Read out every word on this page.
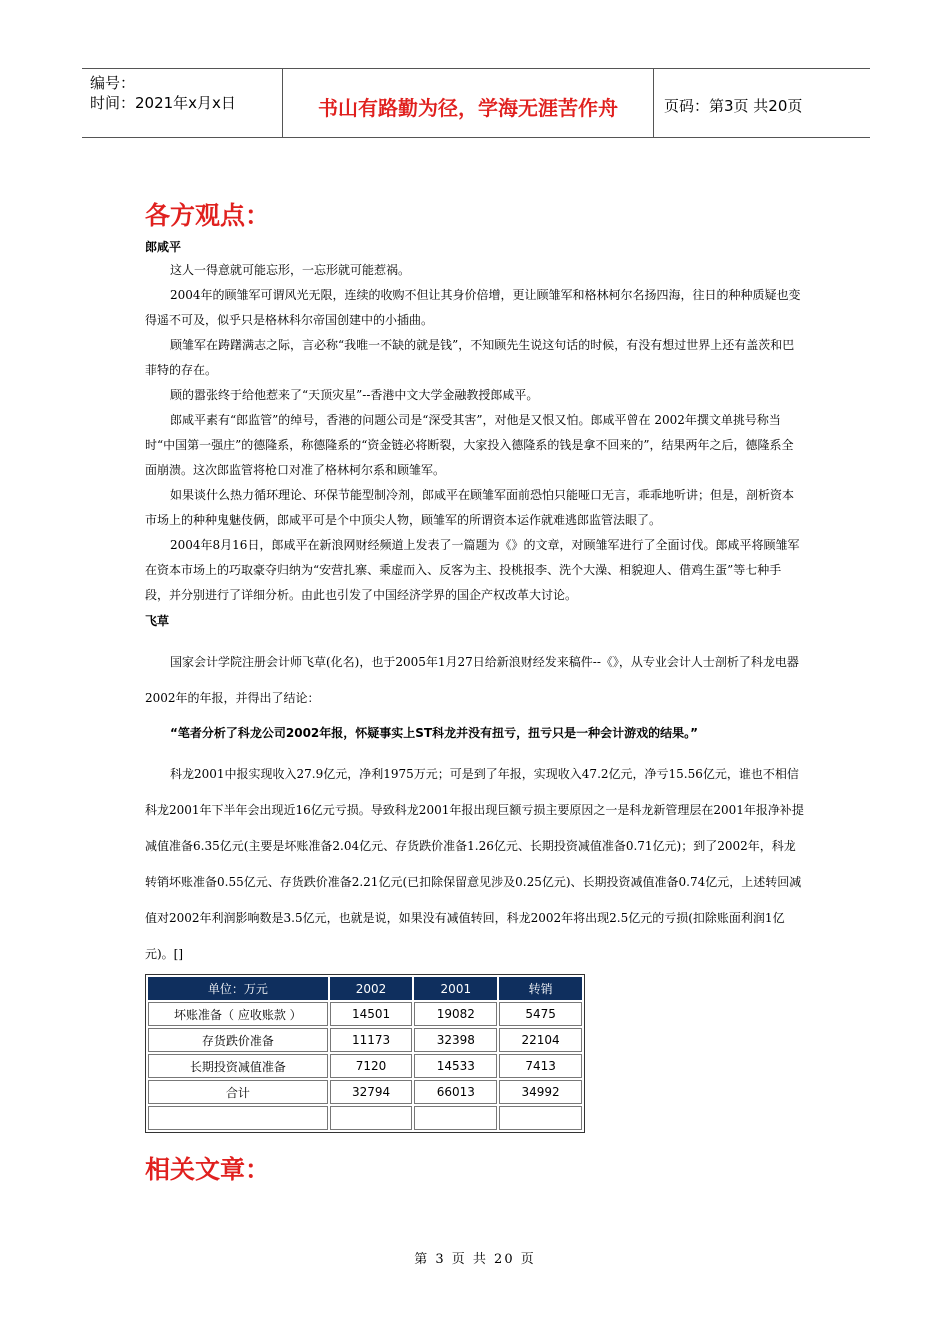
编号：
时间：2021年x月x日	书山有路勤为径，学海无涯苦作舟	页码：第3页 共20页
各方观点：
郎咸平

这人一得意就可能忘形，一忘形就可能惹祸。

2004年的顾雏军可谓风光无限，连续的收购不但让其身价倍增，更让顾雏军和格林柯尔名扬四海，往日的种种质疑也变得遥不可及，似乎只是格林科尔帝国创建中的小插曲。

顾雏军在踌躇满志之际，言必称“我唯一不缺的就是钱”，不知顾先生说这句话的时候，有没有想过世界上还有盖茨和巴菲特的存在。

顾的嚣张终于给他惹来了“天顶灾星”--香港中文大学金融教授郎咸平。

郎咸平素有“郎监管”的绰号，香港的问题公司是“深受其害”，对他是又恨又怕。郎咸平曾在 2002年撰文单挑号称当时“中国第一强庄”的德隆系，称德隆系的“资金链必将断裂，大家投入德隆系的钱是拿不回来的”，结果两年之后，德隆系全面崩溃。这次郎监管将枪口对准了格林柯尔系和顾雏军。

如果谈什么热力循环理论、环保节能型制冷剂，郎咸平在顾雏军面前恐怕只能哑口无言，乖乖地听讲；但是，剖析资本市场上的种种鬼魅伎俩，郎咸平可是个中顶尖人物，顾雏军的所谓资本运作就难逃郎监管法眼了。

2004年8月16日，郎咸平在新浪网财经频道上发表了一篇题为《》的文章，对顾雏军进行了全面讨伐。郎咸平将顾雏军在资本市场上的巧取豪夺归纳为“安营扎寨、乘虚而入、反客为主、投桃报李、洗个大澡、相貌迎人、借鸡生蛋”等七种手段，并分别进行了详细分析。由此也引发了中国经济学界的国企产权改革大讨论。

飞草

国家会计学院注册会计师飞草(化名)，也于2005年1月27日给新浪财经发来稿件--《》，从专业会计人士剖析了科龙电器2002年的年报，并得出了结论：

“笔者分析了科龙公司2002年报，怀疑事实上ST科龙并没有扭亏，扭亏只是一种会计游戏的结果。”

科龙2001中报实现收入27.9亿元，净利1975万元；可是到了年报，实现收入47.2亿元，净亏15.56亿元，谁也不相信科龙2001年下半年会出现近16亿元亏损。导致科龙2001年报出现巨额亏损主要原因之一是科龙新管理层在2001年报净补提减值准备6.35亿元(主要是坏账准备2.04亿元、存货跌价准备1.26亿元、长期投资减值准备0.71亿元)；到了2002年，科龙转销坏账准备0.55亿元、存货跌价准备2.21亿元(已扣除保留意见涉及0.25亿元)、长期投资减值准备0.74亿元，上述转回减值对2002年利润影响数是3.5亿元，也就是说，如果没有减值转回，科龙2002年将出现2.5亿元的亏损(扣除账面利润1亿元)。[]

单位：万元	2002	2001	转销
坏账准备（ 应收账款 ）	14501	19082	5475
存货跌价准备	11173	32398	22104
长期投资减值准备	7120	14533	7413
合计	32794	66013	34992

相关文章：
第 3 页 共 20 页
